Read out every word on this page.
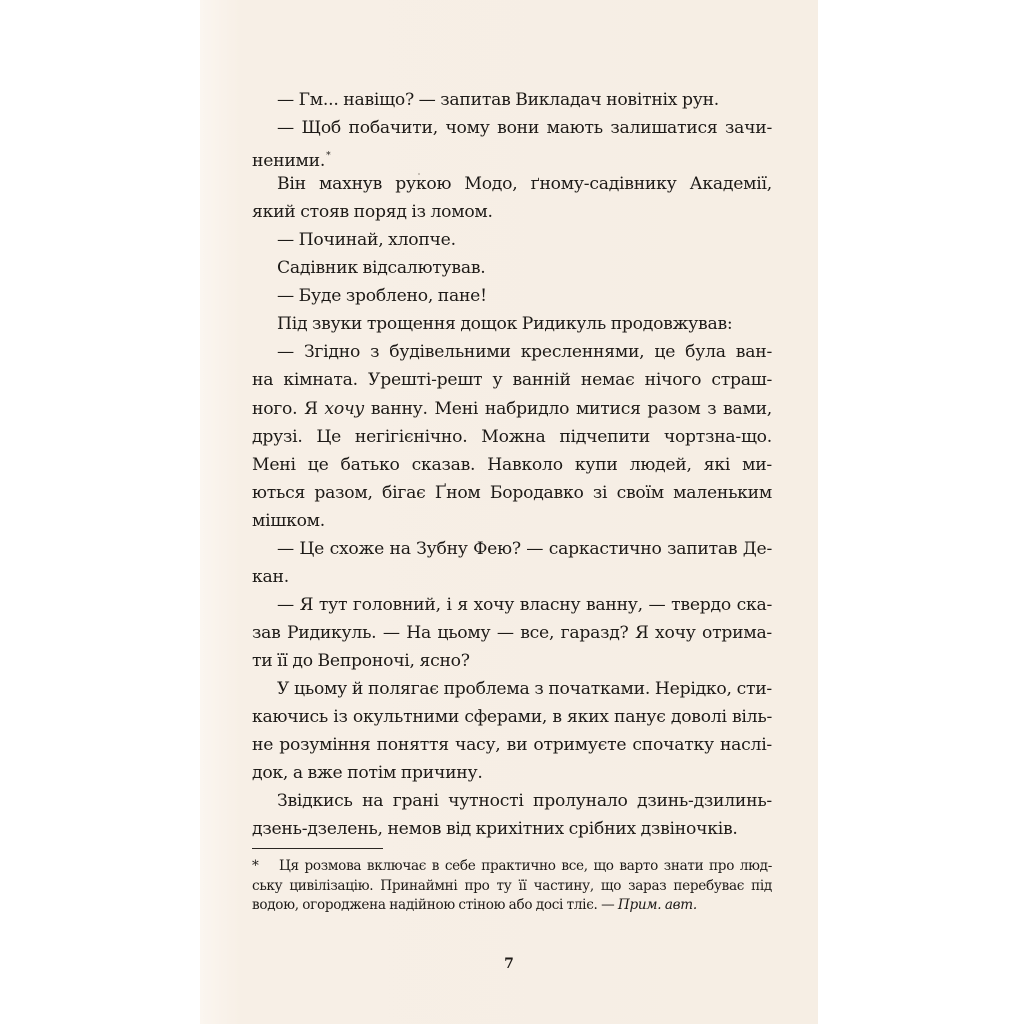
— Гм... навіщо? — запитав Викладач новітніх рун.
— Щоб побачити, чому вони мають залишатися зачи-
неними.*
Він махнув рукою Модо, ґному-садівнику Академії,
який стояв поряд із ломом.
— Починай, хлопче.
Садівник відсалютував.
— Буде зроблено, пане!
Під звуки трощення дощок Ридикуль продовжував:
— Згідно з будівельними кресленнями, це була ван-
на кімната. Урешті-решт у ванній немає нічого страш-
ного. Я хочу ванну. Мені набридло митися разом з вами,
друзі. Це негігієнічно. Можна підчепити чортзна-що.
Мені це батько сказав. Навколо купи людей, які ми-
ються разом, бігає Ґном Бородавко зі своїм маленьким
мішком.
— Це схоже на Зубну Фею? — саркастично запитав Де-
кан.
— Я тут головний, і я хочу власну ванну, — твердо ска-
зав Ридикуль. — На цьому — все, гаразд? Я хочу отрима-
ти її до Вепроночі, ясно?
У цьому й полягає проблема з початками. Нерідко, сти-
каючись із окультними сферами, в яких панує доволі віль-
не розуміння поняття часу, ви отримуєте спочатку наслі-
док, а вже потім причину.
Звідкись на грані чутності пролунало дзинь-дзилинь-
дзень-дзелень, немов від крихітних срібних дзвіночків.
* Ця розмова включає в себе практично все, що варто знати про люд-
ську цивілізацію. Принаймні про ту її частину, що зараз перебуває під
водою, огороджена надійною стіною або досі тліє. — Прим. авт.
7
